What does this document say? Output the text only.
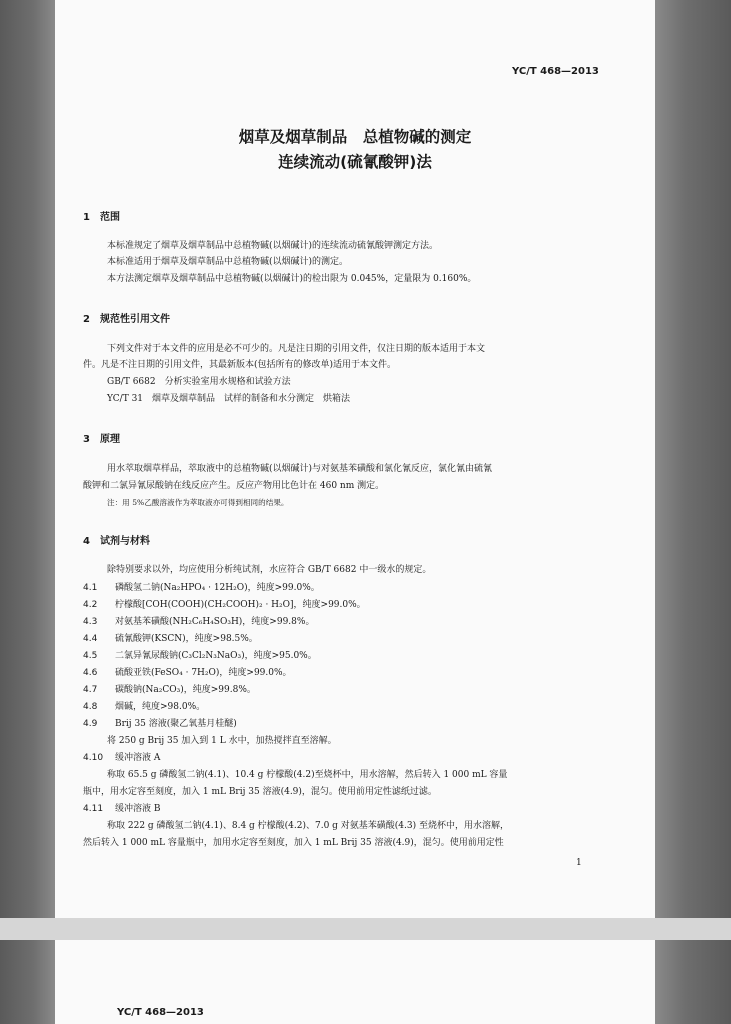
YC/T 468—2013
烟草及烟草制品　总植物碱的测定
连续流动(硫氰酸钾)法
1　范围
本标准规定了烟草及烟草制品中总植物碱(以烟碱计)的连续流动硫氰酸钾测定方法。
本标准适用于烟草及烟草制品中总植物碱(以烟碱计)的测定。
本方法测定烟草及烟草制品中总植物碱(以烟碱计)的检出限为 0.045%，定量限为 0.160%。
2　规范性引用文件
下列文件对于本文件的应用是必不可少的。凡是注日期的引用文件，仅注日期的版本适用于本文
件。凡是不注日期的引用文件，其最新版本(包括所有的修改单)适用于本文件。
GB/T 6682　分析实验室用水规格和试验方法
YC/T 31　烟草及烟草制品　试样的制备和水分测定　烘箱法
3　原理
用水萃取烟草样品，萃取液中的总植物碱(以烟碱计)与对氨基苯磺酸和氯化氰反应，氯化氰由硫氰
酸钾和二氯异氰尿酸钠在线反应产生。反应产物用比色计在 460 nm 测定。
注：用 5%乙酸溶液作为萃取液亦可得到相同的结果。
4　试剂与材料
除特别要求以外，均应使用分析纯试剂，水应符合 GB/T 6682 中一级水的规定。
4.1 磷酸氢二钠(Na₂HPO₄ · 12H₂O)，纯度>99.0%。
4.2 柠檬酸[COH(COOH)(CH₂COOH)₂ · H₂O]，纯度>99.0%。
4.3 对氨基苯磺酸(NH₂C₆H₄SO₃H)，纯度>99.8%。
4.4 硫氰酸钾(KSCN)，纯度>98.5%。
4.5 二氯异氰尿酸钠(C₃Cl₂N₃NaO₃)，纯度>95.0%。
4.6 硫酸亚铁(FeSO₄ · 7H₂O)，纯度>99.0%。
4.7 碳酸钠(Na₂CO₃)，纯度>99.8%。
4.8 烟碱，纯度>98.0%。
4.9 Brij 35 溶液(聚乙氧基月桂醚)
将 250 g Brij 35 加入到 1 L 水中，加热搅拌直至溶解。
4.10 缓冲溶液 A
称取 65.5 g 磷酸氢二钠(4.1)、10.4 g 柠檬酸(4.2)至烧杯中，用水溶解，然后转入 1 000 mL 容量
瓶中，用水定容至刻度，加入 1 mL Brij 35 溶液(4.9)，混匀。使用前用定性滤纸过滤。
4.11 缓冲溶液 B
称取 222 g 磷酸氢二钠(4.1)、8.4 g 柠檬酸(4.2)、7.0 g 对氨基苯磺酸(4.3) 至烧杯中，用水溶解，
然后转入 1 000 mL 容量瓶中，加用水定容至刻度，加入 1 mL Brij 35 溶液(4.9)，混匀。使用前用定性
1
YC/T 468—2013
